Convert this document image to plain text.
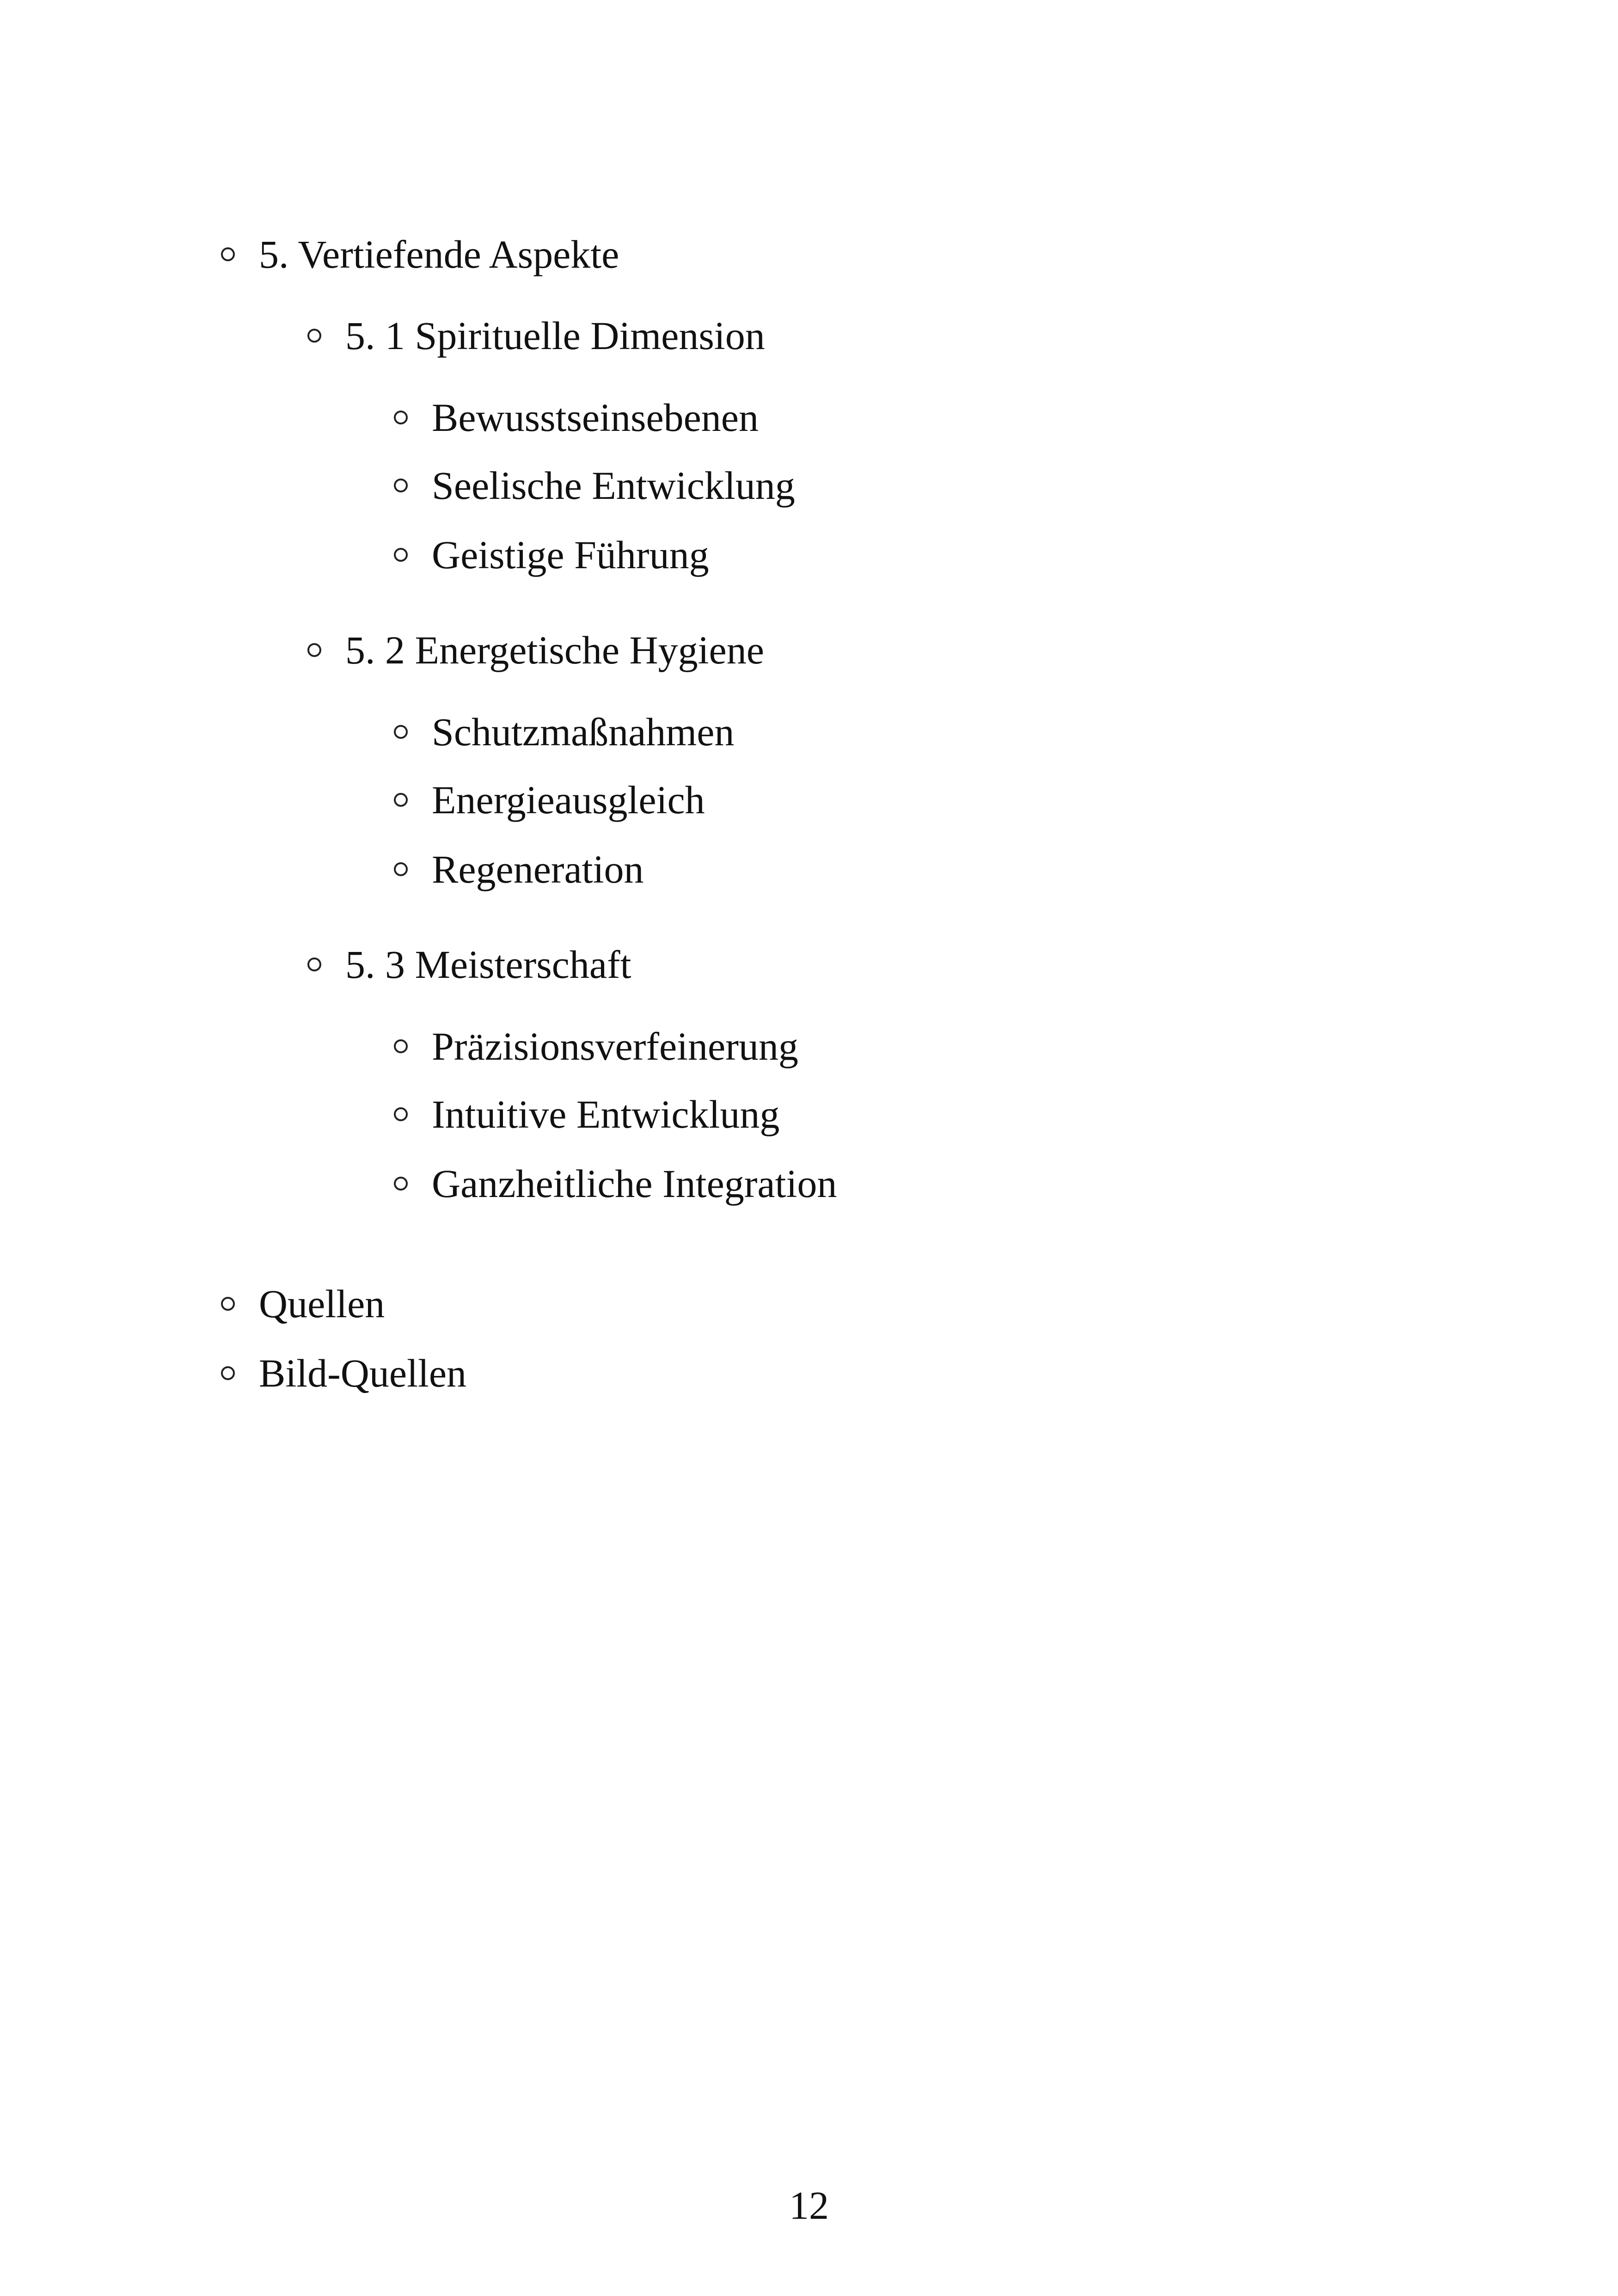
5. Vertiefende Aspekte
5. 1 Spirituelle Dimension
Bewusstseinsebenen
Seelische Entwicklung
Geistige Führung
5. 2 Energetische Hygiene
Schutzmaßnahmen
Energieausgleich
Regeneration
5. 3 Meisterschaft
Präzisionsverfeinerung
Intuitive Entwicklung
Ganzheitliche Integration
Quellen
Bild-Quellen
12
